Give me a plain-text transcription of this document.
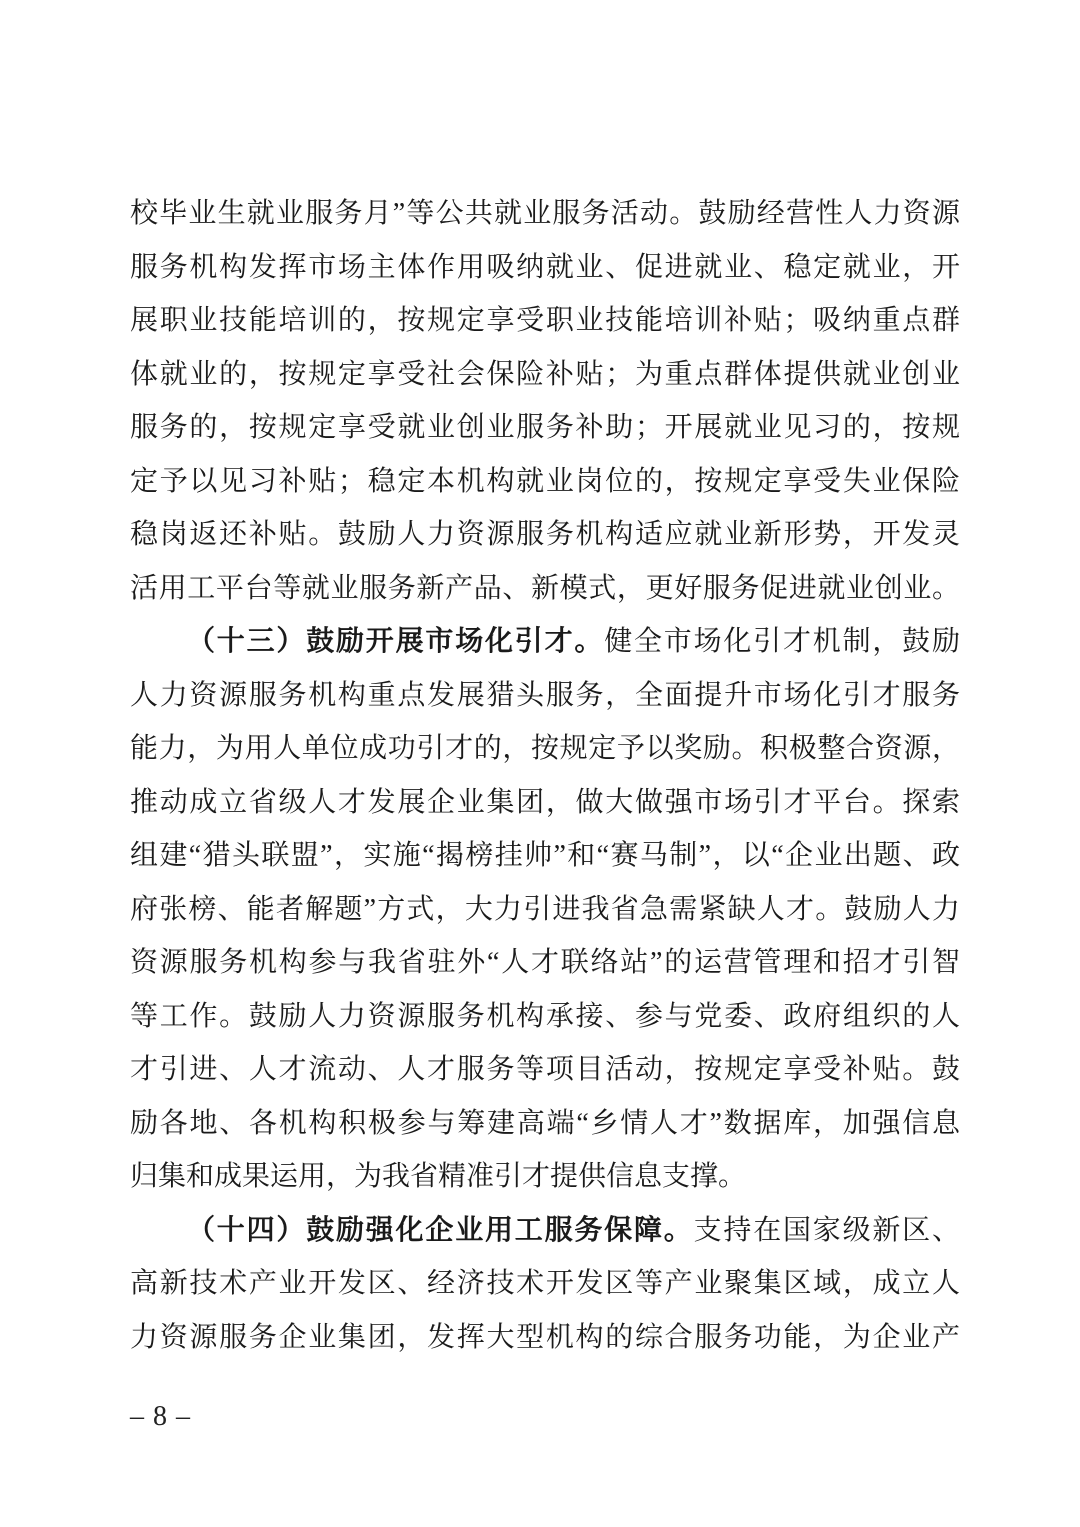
校毕业生就业服务月”等公共就业服务活动。鼓励经营性人力资源
服务机构发挥市场主体作用吸纳就业、促进就业、稳定就业，开
展职业技能培训的，按规定享受职业技能培训补贴；吸纳重点群
体就业的，按规定享受社会保险补贴；为重点群体提供就业创业
服务的，按规定享受就业创业服务补助；开展就业见习的，按规
定予以见习补贴；稳定本机构就业岗位的，按规定享受失业保险
稳岗返还补贴。鼓励人力资源服务机构适应就业新形势，开发灵
活用工平台等就业服务新产品、新模式，更好服务促进就业创业。
（十三）鼓励开展市场化引才。健全市场化引才机制，鼓励
人力资源服务机构重点发展猎头服务，全面提升市场化引才服务
能力，为用人单位成功引才的，按规定予以奖励。积极整合资源，
推动成立省级人才发展企业集团，做大做强市场引才平台。探索
组建“猎头联盟”，实施“揭榜挂帅”和“赛马制”，以“企业出题、政
府张榜、能者解题”方式，大力引进我省急需紧缺人才。鼓励人力
资源服务机构参与我省驻外“人才联络站”的运营管理和招才引智
等工作。鼓励人力资源服务机构承接、参与党委、政府组织的人
才引进、人才流动、人才服务等项目活动，按规定享受补贴。鼓
励各地、各机构积极参与筹建高端“乡情人才”数据库，加强信息
归集和成果运用，为我省精准引才提供信息支撑。
（十四）鼓励强化企业用工服务保障。支持在国家级新区、
高新技术产业开发区、经济技术开发区等产业聚集区域，成立人
力资源服务企业集团，发挥大型机构的综合服务功能，为企业产
– 8 –
